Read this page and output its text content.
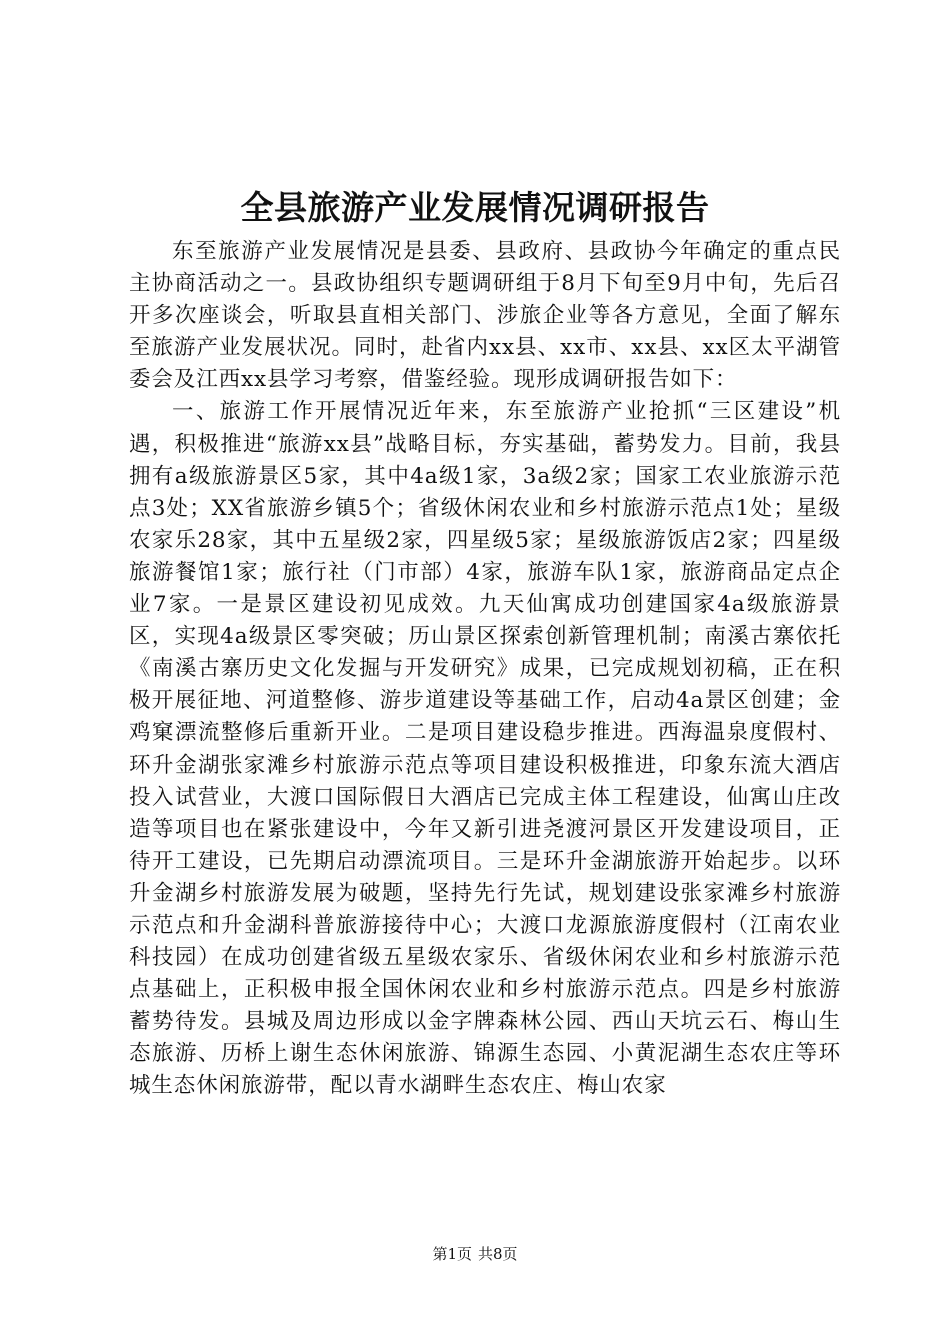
全县旅游产业发展情况调研报告

东至旅游产业发展情况是县委、县政府、县政协今年确定的重点民主协商活动之一。县政协组织专题调研组于8月下旬至9月中旬，先后召开多次座谈会，听取县直相关部门、涉旅企业等各方意见，全面了解东至旅游产业发展状况。同时，赴省内xx县、xx市、xx县、xx区太平湖管委会及江西xx县学习考察，借鉴经验。现形成调研报告如下：

一、旅游工作开展情况近年来，东至旅游产业抢抓“三区建设”机遇，积极推进“旅游xx县”战略目标，夯实基础，蓄势发力。目前，我县拥有a级旅游景区5家，其中4a级1家，3a级2家；国家工农业旅游示范点3处；XX省旅游乡镇5个；省级休闲农业和乡村旅游示范点1处；星级农家乐28家，其中五星级2家，四星级5家；星级旅游饭店2家；四星级旅游餐馆1家；旅行社（门市部）4家，旅游车队1家，旅游商品定点企业7家。一是景区建设初见成效。九天仙寓成功创建国家4a级旅游景区，实现4a级景区零突破；历山景区探索创新管理机制；南溪古寨依托《南溪古寨历史文化发掘与开发研究》成果，已完成规划初稿，正在积极开展征地、河道整修、游步道建设等基础工作，启动4a景区创建；金鸡窠漂流整修后重新开业。二是项目建设稳步推进。西海温泉度假村、环升金湖张家滩乡村旅游示范点等项目建设积极推进，印象东流大酒店投入试营业，大渡口国际假日大酒店已完成主体工程建设，仙寓山庄改造等项目也在紧张建设中，今年又新引进尧渡河景区开发建设项目，正待开工建设，已先期启动漂流项目。三是环升金湖旅游开始起步。以环升金湖乡村旅游发展为破题，坚持先行先试，规划建设张家滩乡村旅游示范点和升金湖科普旅游接待中心；大渡口龙源旅游度假村（江南农业科技园）在成功创建省级五星级农家乐、省级休闲农业和乡村旅游示范点基础上，正积极申报全国休闲农业和乡村旅游示范点。四是乡村旅游蓄势待发。县城及周边形成以金字牌森林公园、西山天坑云石、梅山生态旅游、历桥上谢生态休闲旅游、锦源生态园、小黄泥湖生态农庄等环城生态休闲旅游带，配以青水湖畔生态农庄、梅山农家

第1页 共8页
